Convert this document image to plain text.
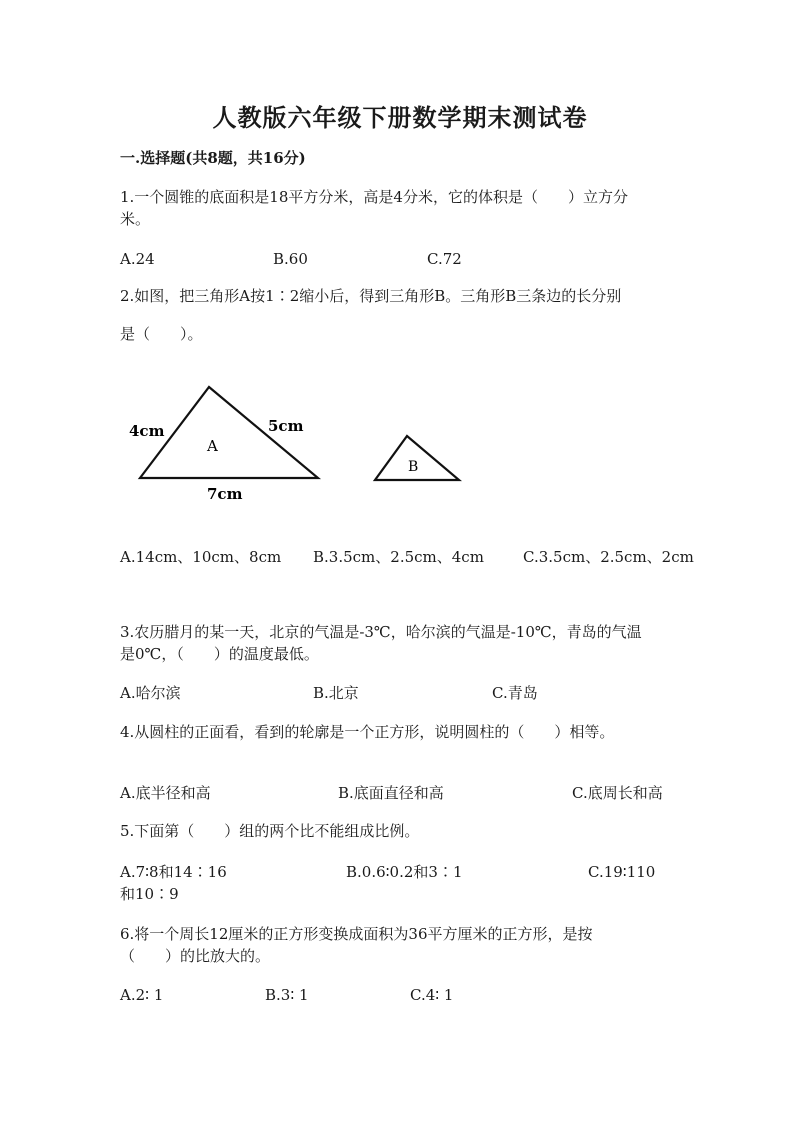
人教版六年级下册数学期末测试卷
一.选择题(共8题，共16分)
1.一个圆锥的底面积是18平方分米，高是4分米，它的体积是（　　）立方分
米。
A.24	B.60	C.72
2.如图，把三角形A按1∶2缩小后，得到三角形B。三角形B三条边的长分别
是（　　）。
4cm	5cm
7cm
A
B
A.14cm、10cm、8cm B.3.5cm、2.5cm、4cm	C.3.5cm、2.5cm、2cm
3.农历腊月的某一天，北京的气温是-3℃，哈尔滨的气温是-10℃，青岛的气温
是0℃，（　　）的温度最低。
A.哈尔滨	B.北京	C.青岛
4.从圆柱的正面看，看到的轮廓是一个正方形，说明圆柱的（　　）相等。
A.底半径和高	B.底面直径和高	C.底周长和高
5.下面第（　　）组的两个比不能组成比例。
A.7∶8和14∶16	B.0.6∶0.2和3∶1	C.19∶110
和10∶9
6.将一个周长12厘米的正方形变换成面积为36平方厘米的正方形，是按
（　　）的比放大的。
A.2∶ 1	B.3∶ 1	C.4∶ 1
